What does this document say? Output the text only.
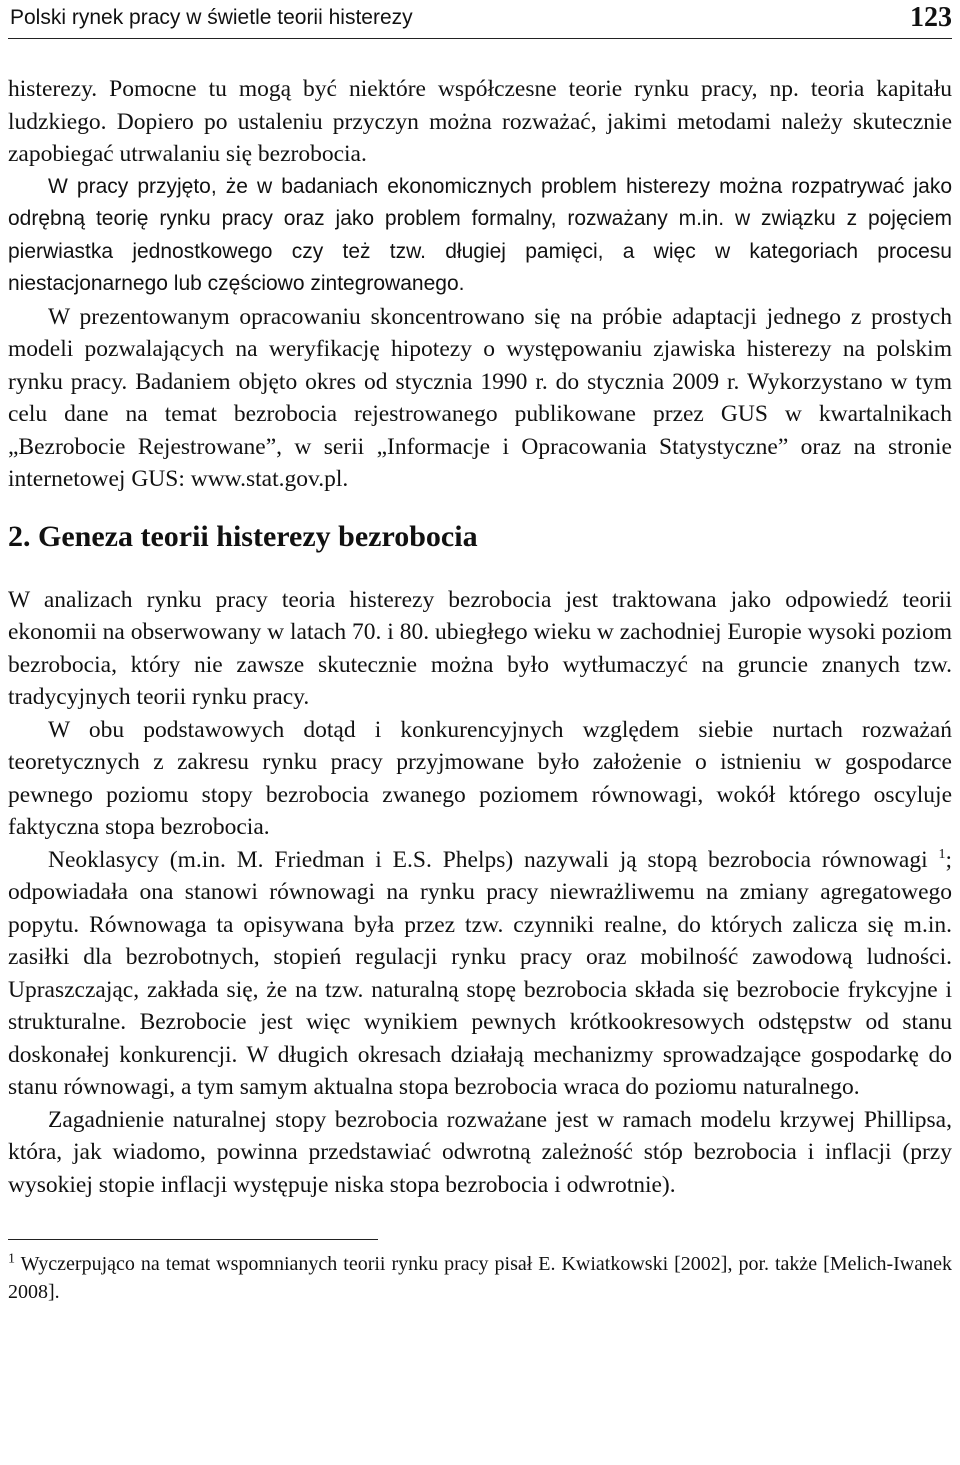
Polski rynek pracy w świetle teorii histerezy	123

histerezy. Pomocne tu mogą być niektóre współczesne teorie rynku pracy, np. teoria kapitału ludzkiego. Dopiero po ustaleniu przyczyn można rozważać, jakimi metodami należy skutecznie zapobiegać utrwalaniu się bezrobocia.

W pracy przyjęto, że w badaniach ekonomicznych problem histerezy można rozpatrywać jako odrębną teorię rynku pracy oraz jako problem formalny, rozważany m.in. w związku z pojęciem pierwiastka jednostkowego czy też tzw. długiej pamięci, a więc w kategoriach procesu niestacjonarnego lub częściowo zintegrowanego.

W prezentowanym opracowaniu skoncentrowano się na próbie adaptacji jednego z prostych modeli pozwalających na weryfikację hipotezy o występowaniu zjawiska histerezy na polskim rynku pracy. Badaniem objęto okres od stycznia 1990 r. do stycznia 2009 r. Wykorzystano w tym celu dane na temat bezrobocia rejestrowanego publikowane przez GUS w kwartalnikach „Bezrobocie Rejestrowane”, w serii „Informacje i Opracowania Statystyczne” oraz na stronie internetowej GUS: www.stat.gov.pl.

2. Geneza teorii histerezy bezrobocia

W analizach rynku pracy teoria histerezy bezrobocia jest traktowana jako odpowiedź teorii ekonomii na obserwowany w latach 70. i 80. ubiegłego wieku w zachodniej Europie wysoki poziom bezrobocia, który nie zawsze skutecznie można było wytłumaczyć na gruncie znanych tzw. tradycyjnych teorii rynku pracy.

W obu podstawowych dotąd i konkurencyjnych względem siebie nurtach rozważań teoretycznych z zakresu rynku pracy przyjmowane było założenie o istnieniu w gospodarce pewnego poziomu stopy bezrobocia zwanego poziomem równowagi, wokół którego oscyluje faktyczna stopa bezrobocia.

Neoklasycy (m.in. M. Friedman i E.S. Phelps) nazywali ją stopą bezrobocia równowagi $^1$; odpowiadała ona stanowi równowagi na rynku pracy niewrażliwemu na zmiany agregatowego popytu. Równowaga ta opisywana była przez tzw. czynniki realne, do których zalicza się m.in. zasiłki dla bezrobotnych, stopień regulacji rynku pracy oraz mobilność zawodową ludności. Upraszczając, zakłada się, że na tzw. naturalną stopę bezrobocia składa się bezrobocie frykcyjne i strukturalne. Bezrobocie jest więc wynikiem pewnych krótkookresowych odstępstw od stanu doskonałej konkurencji. W długich okresach działają mechanizmy sprowadzające gospodarkę do stanu równowagi, a tym samym aktualna stopa bezrobocia wraca do poziomu naturalnego.

Zagadnienie naturalnej stopy bezrobocia rozważane jest w ramach modelu krzywej Phillipsa, która, jak wiadomo, powinna przedstawiać odwrotną zależność stóp bezrobocia i inflacji (przy wysokiej stopie inflacji występuje niska stopa bezrobocia i odwrotnie).

$^1$ Wyczerpująco na temat wspomnianych teorii rynku pracy pisał E. Kwiatkowski [2002], por. także [Melich-Iwanek 2008].
